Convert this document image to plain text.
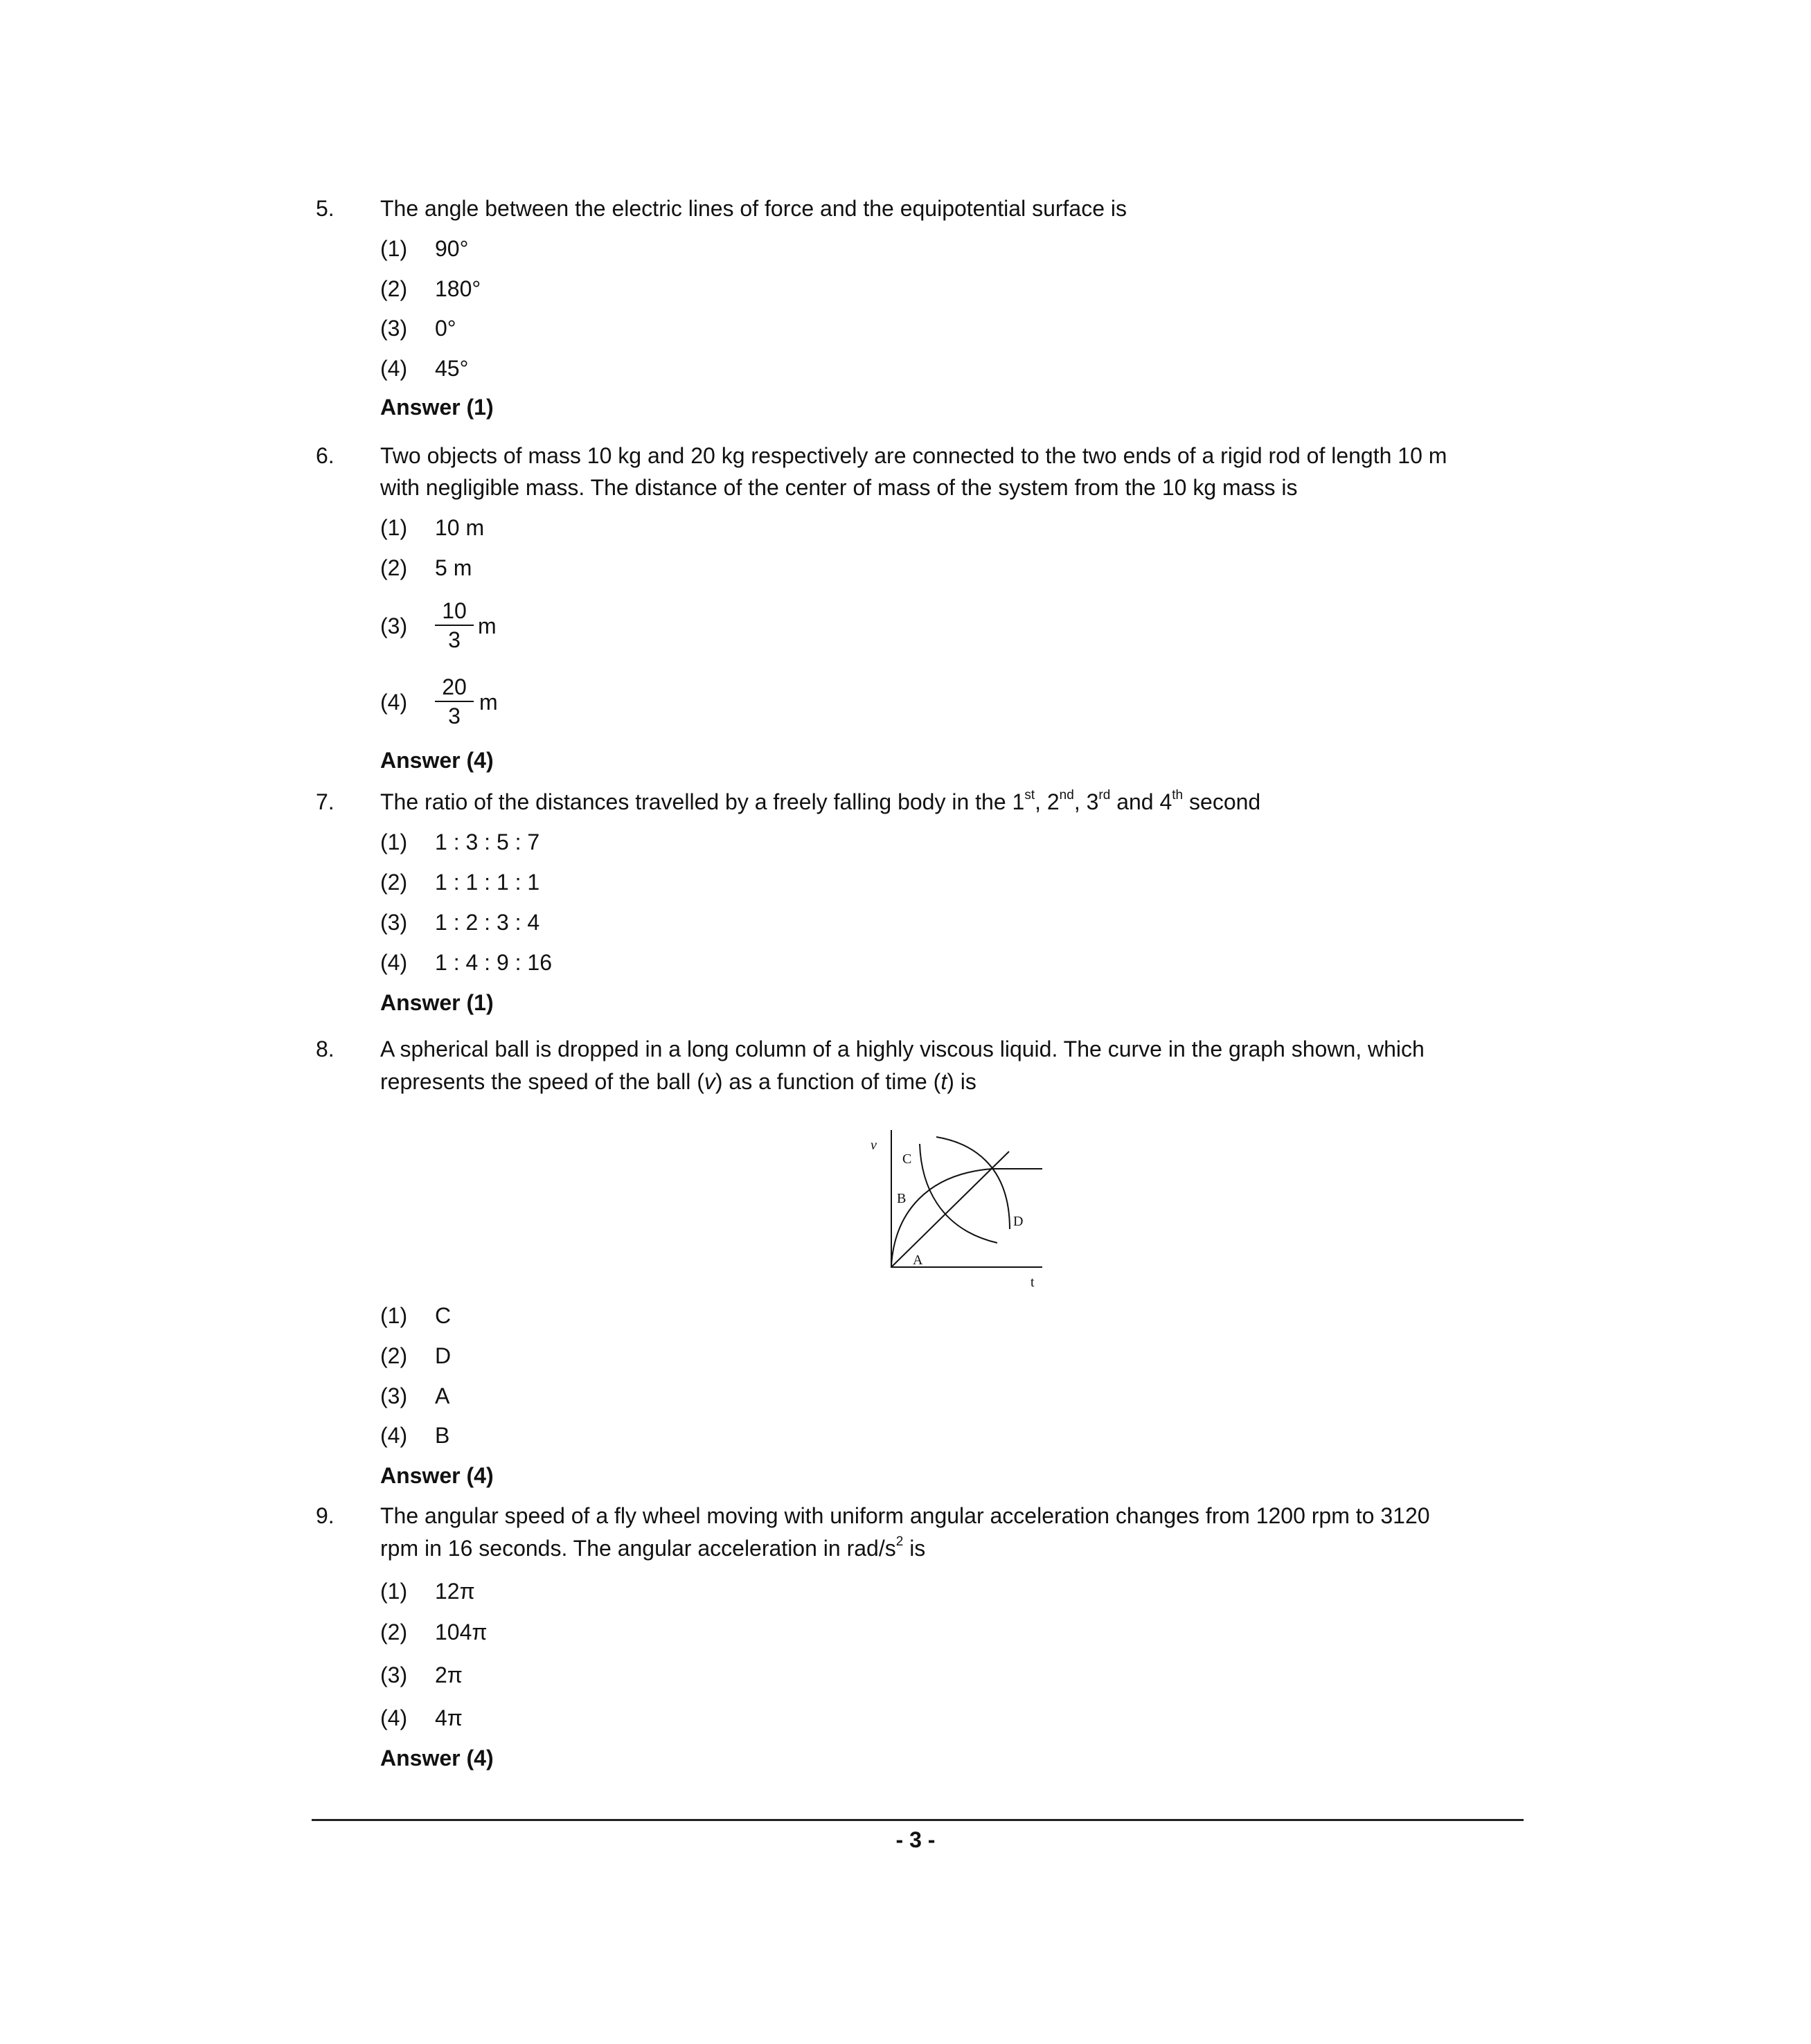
5. The angle between the electric lines of force and the equipotential surface is
(1) 90°
(2) 180°
(3) 0°
(4) 45°
Answer (1)
6. Two objects of mass 10 kg and 20 kg respectively are connected to the two ends of a rigid rod of length 10 m
with negligible mass. The distance of the center of mass of the system from the 10 kg mass is
(1) 10 m
(2) 5 m
$(3) \frac{10}{3}$ m
$(4) \frac{20}{3}$ m
Answer (4)
7. The ratio of the distances travelled by a freely falling body in the 1st, 2nd, 3rd and 4th second
(1) 1 : 3 : 5 : 7
(2) 1 : 1 : 1 : 1
(3) 1 : 2 : 3 : 4
(4) 1 : 4 : 9 : 16
Answer (1)
8. A spherical ball is dropped in a long column of a highly viscous liquid. The curve in the graph shown, which
represents the speed of the ball (v) as a function of time (t) is
v
C
B
D
A
t
(1) C
(2) D
(3) A
(4) B
Answer (4)
9. The angular speed of a fly wheel moving with uniform angular acceleration changes from 1200 rpm to 3120
rpm in 16 seconds. The angular acceleration in rad/$s^2$ is
(1) 12π
(2) 104π
(3) 2π
(4) 4π
Answer (4)
- 3 -
